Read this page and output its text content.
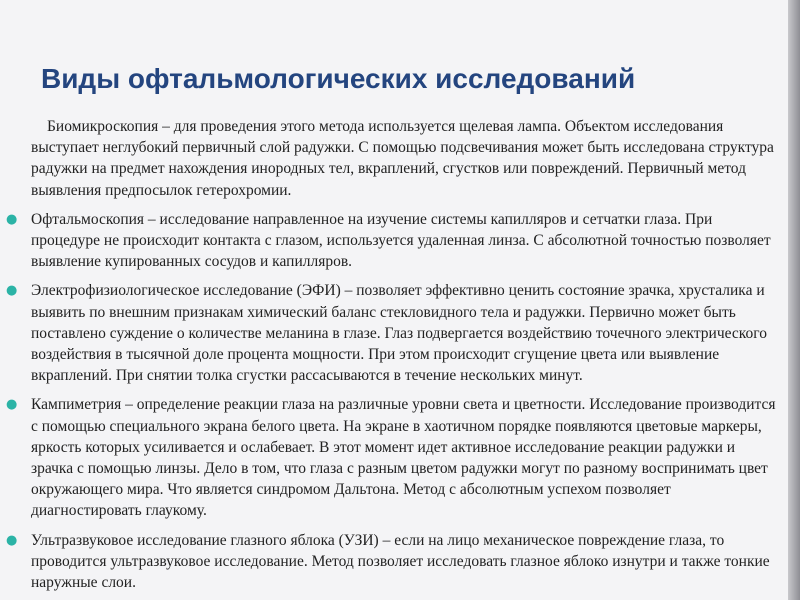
Виды офтальмологических исследований

Биомикроскопия – для проведения этого метода используется щелевая лампа. Объектом исследования выступает неглубокий первичный слой радужки. С помощью подсвечивания может быть исследована структура радужки на предмет нахождения инородных тел, вкраплений, сгустков или повреждений. Первичный метод выявления предпосылок гетерохромии.

● Офтальмоскопия – исследование направленное на изучение системы капилляров и сетчатки глаза. При процедуре не происходит контакта с глазом, используется удаленная линза. С абсолютной точностью позволяет выявление купированных сосудов и капилляров.

● Электрофизиологическое исследование (ЭФИ) – позволяет эффективно ценить состояние зрачка, хрусталика и выявить по внешним признакам химический баланс стекловидного тела и радужки. Первично может быть поставлено суждение о количестве меланина в глазе. Глаз подвергается воздействию точечного электрического воздействия в тысячной доле процента мощности. При этом происходит сгущение цвета или выявление вкраплений. При снятии толка сгустки рассасываются в течение нескольких минут.

● Кампиметрия – определение реакции глаза на различные уровни света и цветности. Исследование производится с помощью специального экрана белого цвета. На экране в хаотичном порядке появляются цветовые маркеры, яркость которых усиливается и ослабевает. В этот момент идет активное исследование реакции радужки и зрачка с помощью линзы. Дело в том, что глаза с разным цветом радужки могут по разному воспринимать цвет окружающего мира. Что является синдромом Дальтона. Метод с абсолютным успехом позволяет диагностировать глаукому.

● Ультразвуковое исследование глазного яблока (УЗИ) – если на лицо механическое повреждение глаза, то проводится ультразвуковое исследование. Метод позволяет исследовать глазное яблоко изнутри и также тонкие наружные слои.
